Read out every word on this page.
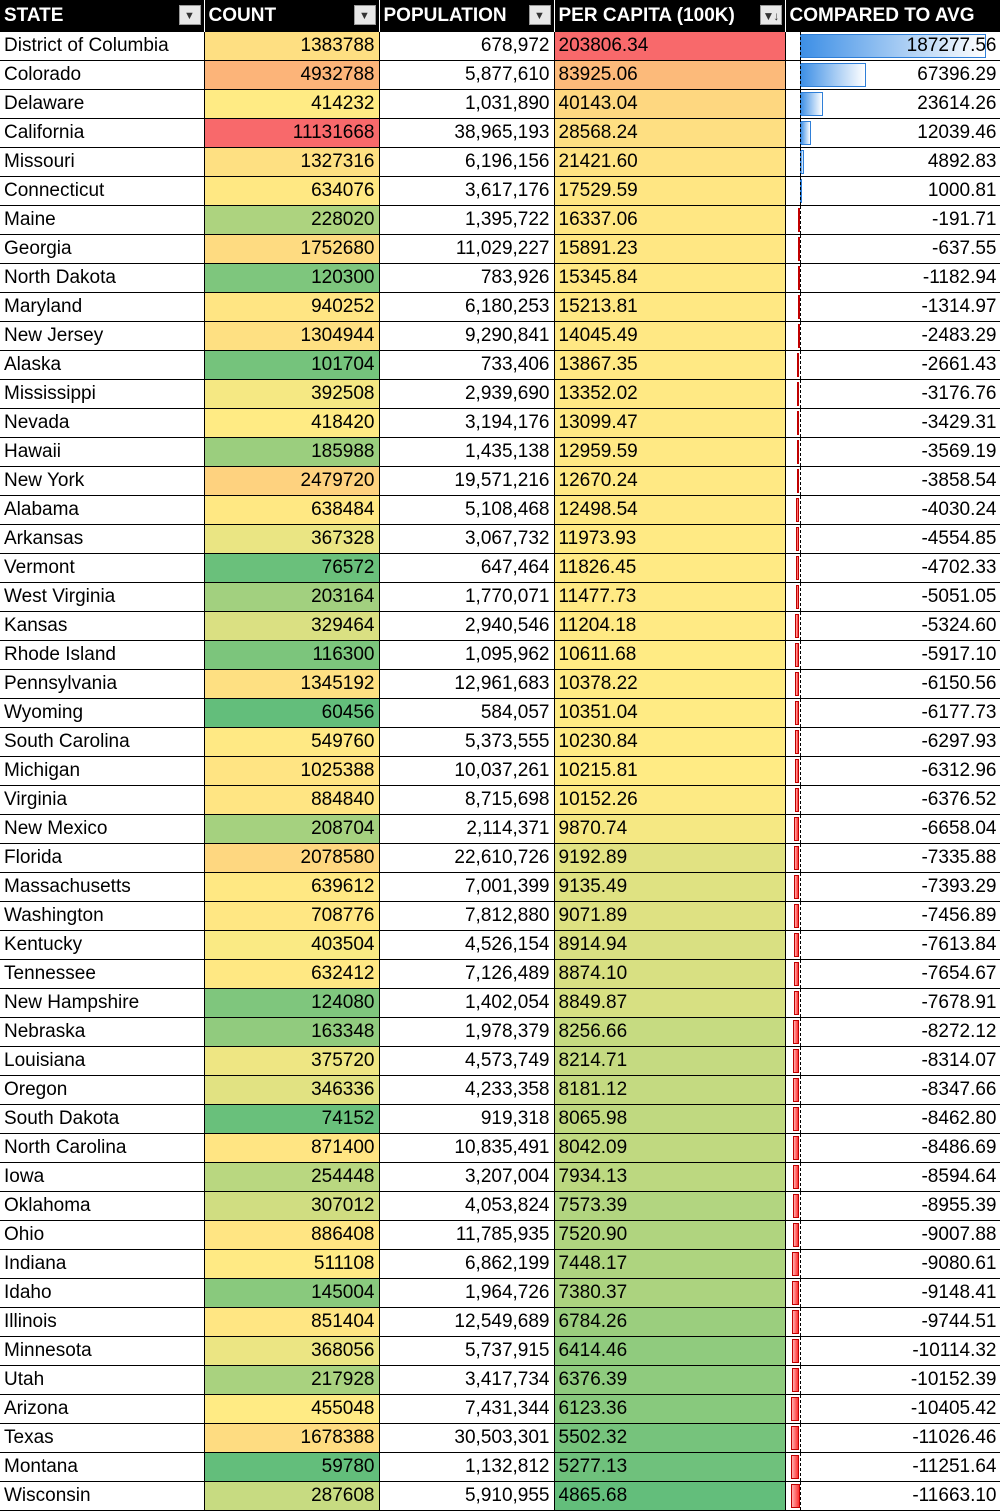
STATE ▼	COUNT ▼	POPULATION ▼	PER CAPITA (100K) ▼↓	COMPARED TO AVG
District of Columbia	1383788	678,972	203806.34	187277.56
Colorado	4932788	5,877,610	83925.06	67396.29
Delaware	414232	1,031,890	40143.04	23614.26
California	11131668	38,965,193	28568.24	12039.46
Missouri	1327316	6,196,156	21421.60	4892.83
Connecticut	634076	3,617,176	17529.59	1000.81
Maine	228020	1,395,722	16337.06	-191.71
Georgia	1752680	11,029,227	15891.23	-637.55
North Dakota	120300	783,926	15345.84	-1182.94
Maryland	940252	6,180,253	15213.81	-1314.97
New Jersey	1304944	9,290,841	14045.49	-2483.29
Alaska	101704	733,406	13867.35	-2661.43
Mississippi	392508	2,939,690	13352.02	-3176.76
Nevada	418420	3,194,176	13099.47	-3429.31
Hawaii	185988	1,435,138	12959.59	-3569.19
New York	2479720	19,571,216	12670.24	-3858.54
Alabama	638484	5,108,468	12498.54	-4030.24
Arkansas	367328	3,067,732	11973.93	-4554.85
Vermont	76572	647,464	11826.45	-4702.33
West Virginia	203164	1,770,071	11477.73	-5051.05
Kansas	329464	2,940,546	11204.18	-5324.60
Rhode Island	116300	1,095,962	10611.68	-5917.10
Pennsylvania	1345192	12,961,683	10378.22	-6150.56
Wyoming	60456	584,057	10351.04	-6177.73
South Carolina	549760	5,373,555	10230.84	-6297.93
Michigan	1025388	10,037,261	10215.81	-6312.96
Virginia	884840	8,715,698	10152.26	-6376.52
New Mexico	208704	2,114,371	9870.74	-6658.04
Florida	2078580	22,610,726	9192.89	-7335.88
Massachusetts	639612	7,001,399	9135.49	-7393.29
Washington	708776	7,812,880	9071.89	-7456.89
Kentucky	403504	4,526,154	8914.94	-7613.84
Tennessee	632412	7,126,489	8874.10	-7654.67
New Hampshire	124080	1,402,054	8849.87	-7678.91
Nebraska	163348	1,978,379	8256.66	-8272.12
Louisiana	375720	4,573,749	8214.71	-8314.07
Oregon	346336	4,233,358	8181.12	-8347.66
South Dakota	74152	919,318	8065.98	-8462.80
North Carolina	871400	10,835,491	8042.09	-8486.69
Iowa	254448	3,207,004	7934.13	-8594.64
Oklahoma	307012	4,053,824	7573.39	-8955.39
Ohio	886408	11,785,935	7520.90	-9007.88
Indiana	511108	6,862,199	7448.17	-9080.61
Idaho	145004	1,964,726	7380.37	-9148.41
Illinois	851404	12,549,689	6784.26	-9744.51
Minnesota	368056	5,737,915	6414.46	-10114.32
Utah	217928	3,417,734	6376.39	-10152.39
Arizona	455048	7,431,344	6123.36	-10405.42
Texas	1678388	30,503,301	5502.32	-11026.46
Montana	59780	1,132,812	5277.13	-11251.64
Wisconsin	287608	5,910,955	4865.68	-11663.10
